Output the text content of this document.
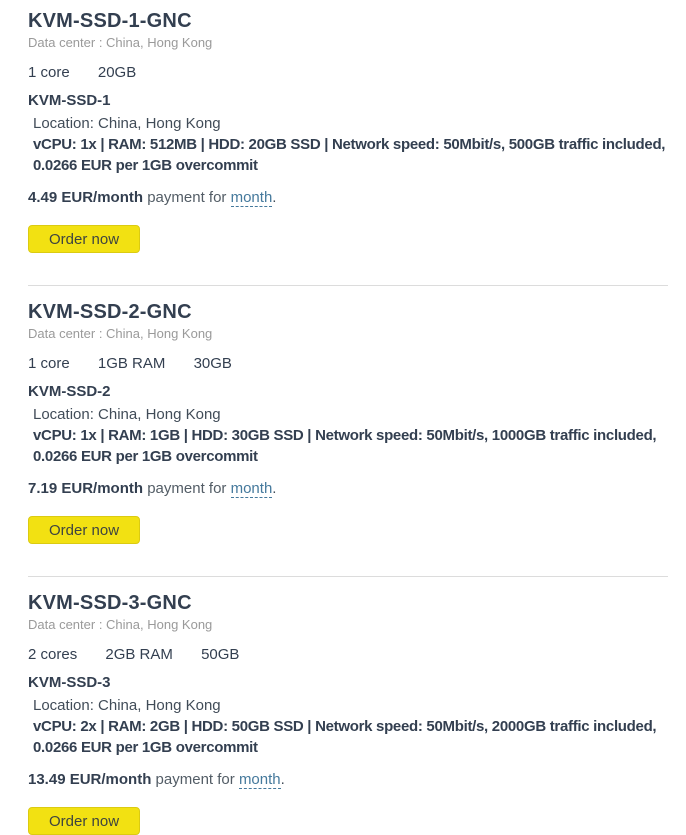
KVM-SSD-1-GNC
Data center : China, Hong Kong
1 core 20GB
KVM-SSD-1
Location: China, Hong Kong
vCPU: 1x | RAM: 512MB | HDD: 20GB SSD | Network speed: 50Mbit/s, 500GB traffic included, 0.0266 EUR per 1GB overcommit
4.49 EUR/month payment for month.
Order now
KVM-SSD-2-GNC
Data center : China, Hong Kong
1 core 1GB RAM 30GB
KVM-SSD-2
Location: China, Hong Kong
vCPU: 1x | RAM: 1GB | HDD: 30GB SSD | Network speed: 50Mbit/s, 1000GB traffic included, 0.0266 EUR per 1GB overcommit
7.19 EUR/month payment for month.
Order now
KVM-SSD-3-GNC
Data center : China, Hong Kong
2 cores 2GB RAM 50GB
KVM-SSD-3
Location: China, Hong Kong
vCPU: 2x | RAM: 2GB | HDD: 50GB SSD | Network speed: 50Mbit/s, 2000GB traffic included, 0.0266 EUR per 1GB overcommit
13.49 EUR/month payment for month.
Order now
